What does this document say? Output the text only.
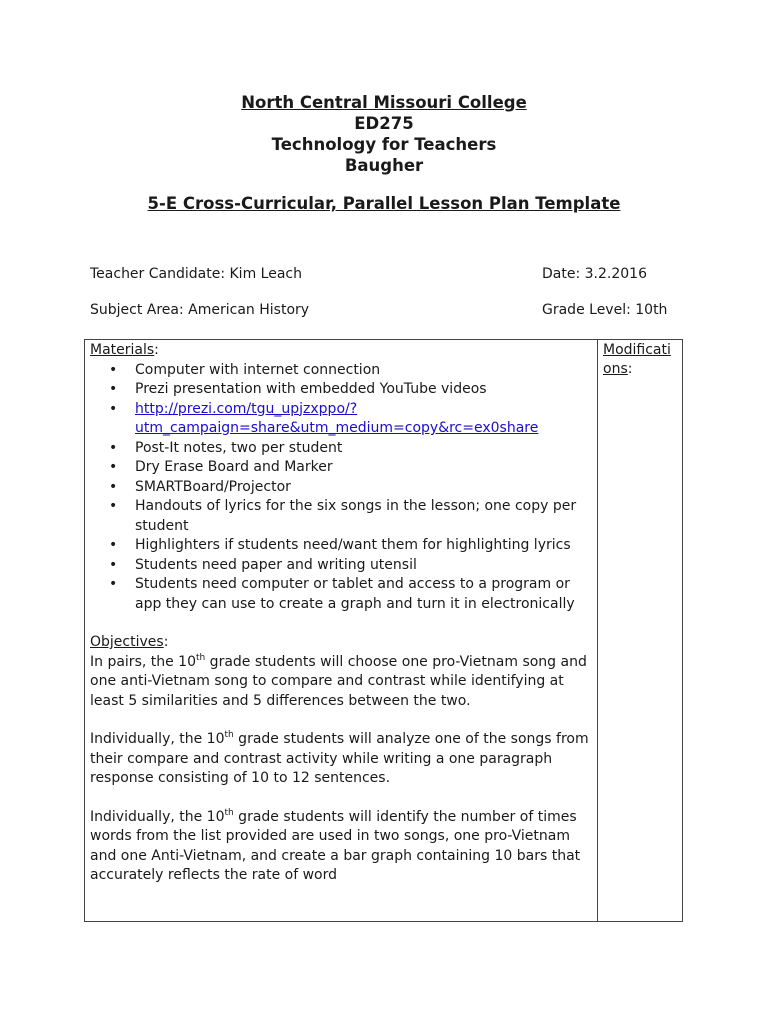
North Central Missouri College
ED275
Technology for Teachers
Baugher
5-E Cross-Curricular, Parallel Lesson Plan Template
Teacher Candidate: Kim Leach	Date: 3.2.2016
Subject Area: American History	Grade Level: 10th
Materials:
• Computer with internet connection
• Prezi presentation with embedded YouTube videos
• http://prezi.com/tgu_upjzxppo/?
utm_campaign=share&utm_medium=copy&rc=ex0share
• Post-It notes, two per student
• Dry Erase Board and Marker
• SMARTBoard/Projector
• Handouts of lyrics for the six songs in the lesson; one copy per student
• Highlighters if students need/want them for highlighting lyrics
• Students need paper and writing utensil
• Students need computer or tablet and access to a program or app they can use to create a graph and turn it in electronically
Objectives:
In pairs, the 10th grade students will choose one pro-Vietnam song and one anti-Vietnam song to compare and contrast while identifying at least 5 similarities and 5 differences between the two.
Individually, the 10th grade students will analyze one of the songs from their compare and contrast activity while writing a one paragraph response consisting of 10 to 12 sentences.
Individually, the 10th grade students will identify the number of times words from the list provided are used in two songs, one pro-Vietnam and one Anti-Vietnam, and create a bar graph containing 10 bars that accurately reflects the rate of word
Modifications:
